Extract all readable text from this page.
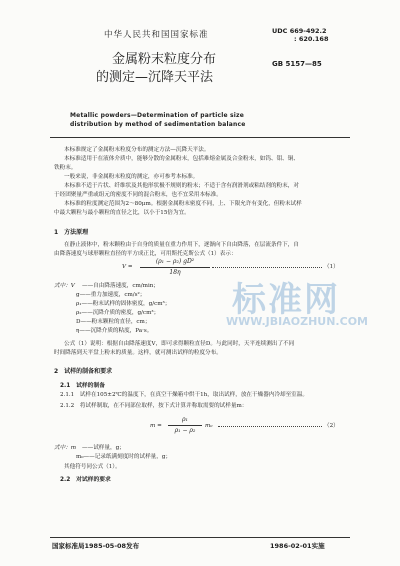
中华人民共和国国家标准	UDC 669-492.2
: 620.168
GB 5157—85
金属粉末粒度分布
的测定—沉降天平法
Metallic powders—Determination of particle size
distribution by method of sedimentation balance
本标准规定了金属粉末粒度分布的测定方法—沉降天平法。
本标准适用于在液体介质中，能够分散的金属粉末，包括难熔金属及合金粉末，如钨、钼、铜、
铁粉末。
一般来说，非金属粉末粒度的测定，亦可参考本标准。
本标准不适于片状、纤维状及其他形状极不规则的粉末；不适于含有润滑剂或粘结剂的粉末，对
于经团聚量严重或组元的密度不同的混合粉末，也不宜采用本标准。
本标准的粒度测定范围为2～80μm。根据金属粉末密度不同，上、下限允许有变化，但粉末试样
中最大颗粒与最小颗粒的直径之比，以小于15倍为宜。
1　方法原理
在静止液体中，粉末颗粒由于自身的质量在重力作用下，逐渐向下自由降落，在层流条件下，自
由降落速度与球形颗粒直径的平方成正比，可用斯托克斯公式（1）表示：
V =
(ρ₁ − ρ₂) gD²
18η
（1）
式中：V ——自由降落速度，cm/min；
g——重力加速度，cm/s²；
ρ₁——粉末试样的固体密度，g/cm³；
ρ₂——沉降介质的密度，g/cm³；
D——粉末颗粒的直径，cm；
η——沉降介质的粘度，Pa·s。
公式（1）说明：根据自由降落速度V，即可求得颗粒直径D。与此同时，天平连续测出了不同
时间降落到天平盘上粉末的质量。这样，就可测出试样的粒度分布。
2　试样的制备和要求
2.1　试样的制备
2.1.1　试样在105±2℃的温度下，在真空干燥箱中烘干1h，取出试样，放在干燥器内冷却至室温。
2.1.2　将试样制取，在不同部位取样，按下式计算并称取需要的试样量m：
m =
ρ₁
ρ₁ − ρ₂
m₀	（2）
式中：m ——试样量，g；
m₀——记录纸满刻度时的试样量，g；
其他符号同公式（1）。
2.2　对试样的要求
标准网
WWW.JBIAOZHUN.COM
国家标准局1985-05-08发布	1986-02-01实施
